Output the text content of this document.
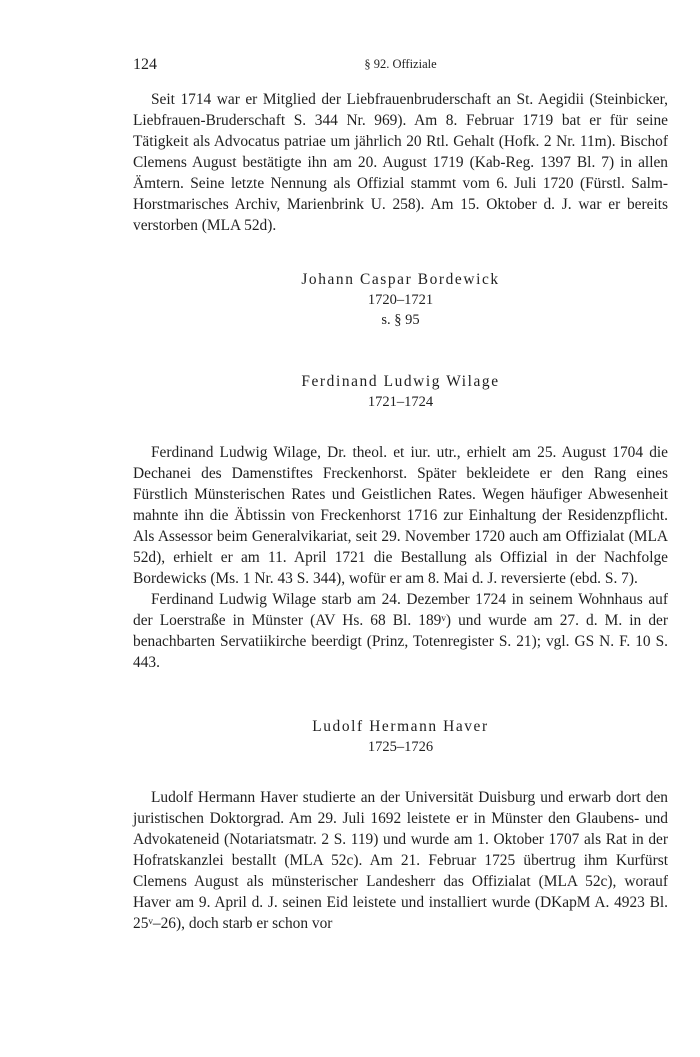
124	§ 92. Offiziale

Seit 1714 war er Mitglied der Liebfrauenbruderschaft an St. Aegidii (Steinbicker, Liebfrauen-Bruderschaft S. 344 Nr. 969). Am 8. Februar 1719 bat er für seine Tätigkeit als Advocatus patriae um jährlich 20 Rtl. Gehalt (Hofk. 2 Nr. 11m). Bischof Clemens August bestätigte ihn am 20. August 1719 (Kab-Reg. 1397 Bl. 7) in allen Ämtern. Seine letzte Nennung als Offizial stammt vom 6. Juli 1720 (Fürstl. Salm-Horstmarisches Archiv, Marienbrink U. 258). Am 15. Oktober d. J. war er bereits verstorben (MLA 52d).

Johann Caspar Bordewick
1720–1721
s. § 95
Ferdinand Ludwig Wilage
1721–1724

Ferdinand Ludwig Wilage, Dr. theol. et iur. utr., erhielt am 25. August 1704 die Dechanei des Damenstiftes Freckenhorst. Später bekleidete er den Rang eines Fürstlich Münsterischen Rates und Geistlichen Rates. Wegen häufiger Abwesenheit mahnte ihn die Äbtissin von Freckenhorst 1716 zur Einhaltung der Residenzpflicht. Als Assessor beim Generalvikariat, seit 29. November 1720 auch am Offizialat (MLA 52d), erhielt er am 11. April 1721 die Bestallung als Offizial in der Nachfolge Bordewicks (Ms. 1 Nr. 43 S. 344), wofür er am 8. Mai d. J. reversierte (ebd. S. 7).

Ferdinand Ludwig Wilage starb am 24. Dezember 1724 in seinem Wohnhaus auf der Loerstraße in Münster (AV Hs. 68 Bl. 189ᵛ) und wurde am 27. d. M. in der benachbarten Servatiikirche beerdigt (Prinz, Totenregister S. 21); vgl. GS N. F. 10 S. 443.

Ludolf Hermann Haver
1725–1726

Ludolf Hermann Haver studierte an der Universität Duisburg und erwarb dort den juristischen Doktorgrad. Am 29. Juli 1692 leistete er in Münster den Glaubens- und Advokateneid (Notariatsmatr. 2 S. 119) und wurde am 1. Oktober 1707 als Rat in der Hofratskanzlei bestallt (MLA 52c). Am 21. Februar 1725 übertrug ihm Kurfürst Clemens August als münsterischer Landesherr das Offizialat (MLA 52c), worauf Haver am 9. April d. J. seinen Eid leistete und installiert wurde (DKapM A. 4923 Bl. 25ᵛ–26), doch starb er schon vor
